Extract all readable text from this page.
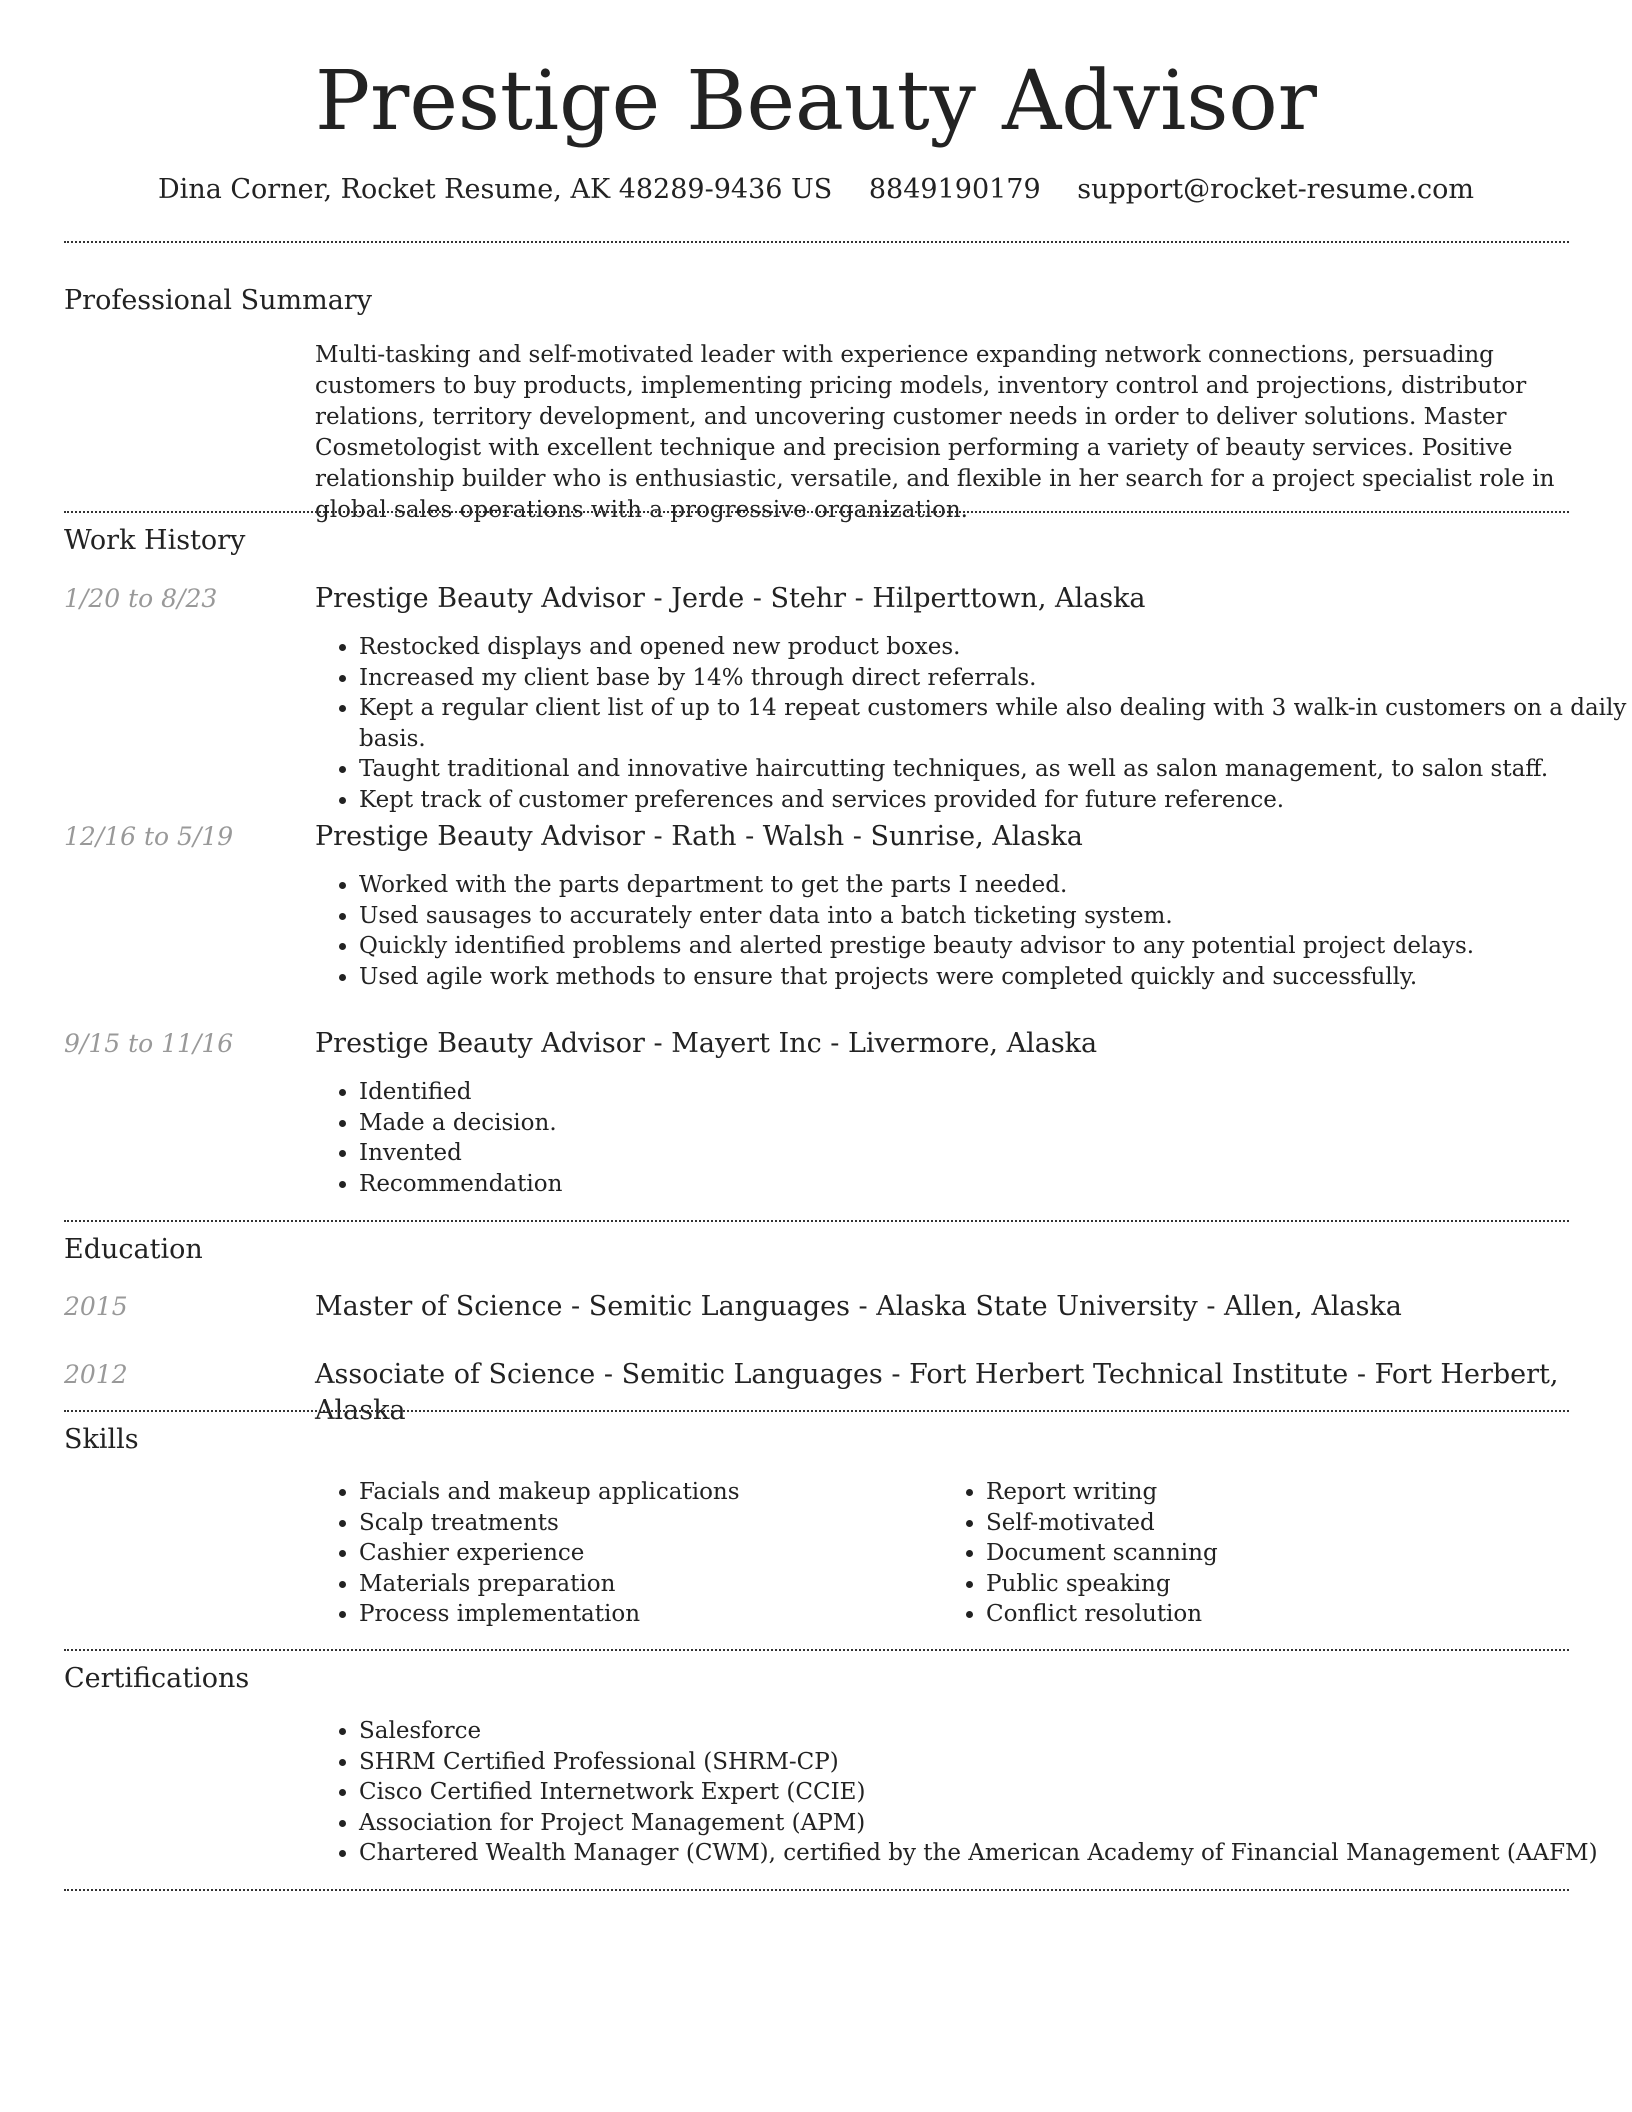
Prestige Beauty Advisor
Dina Corner, Rocket Resume, AK 48289-9436 US 8849190179 support@rocket-resume.com
Professional Summary

Multi-tasking and self-motivated leader with experience expanding network connections, persuading customers to buy products, implementing pricing models, inventory control and projections, distributor relations, territory development, and uncovering customer needs in order to deliver solutions. Master Cosmetologist with excellent technique and precision performing a variety of beauty services. Positive relationship builder who is enthusiastic, versatile, and flexible in her search for a project specialist role in global sales operations with a progressive organization.

Work History
1/20 to 8/23	Prestige Beauty Advisor - Jerde - Stehr - Hilperttown, Alaska
• Restocked displays and opened new product boxes.
• Increased my client base by 14% through direct referrals.
• Kept a regular client list of up to 14 repeat customers while also dealing with 3 walk-in customers on a daily basis.
• Taught traditional and innovative haircutting techniques, as well as salon management, to salon staff.
• Kept track of customer preferences and services provided for future reference.
12/16 to 5/19	Prestige Beauty Advisor - Rath - Walsh - Sunrise, Alaska
• Worked with the parts department to get the parts I needed.
• Used sausages to accurately enter data into a batch ticketing system.
• Quickly identified problems and alerted prestige beauty advisor to any potential project delays.
• Used agile work methods to ensure that projects were completed quickly and successfully.
9/15 to 11/16	Prestige Beauty Advisor - Mayert Inc - Livermore, Alaska
• Identified
• Made a decision.
• Invented
• Recommendation
Education
2015	Master of Science - Semitic Languages - Alaska State University - Allen, Alaska
2012	Associate of Science - Semitic Languages - Fort Herbert Technical Institute - Fort Herbert, Alaska
Skills
• Facials and makeup applications
• Scalp treatments
• Cashier experience
• Materials preparation
• Process implementation
• Report writing
• Self-motivated
• Document scanning
• Public speaking
• Conflict resolution
Certifications
• Salesforce
• SHRM Certified Professional (SHRM-CP)
• Cisco Certified Internetwork Expert (CCIE)
• Association for Project Management (APM)
• Chartered Wealth Manager (CWM), certified by the American Academy of Financial Management (AAFM)
